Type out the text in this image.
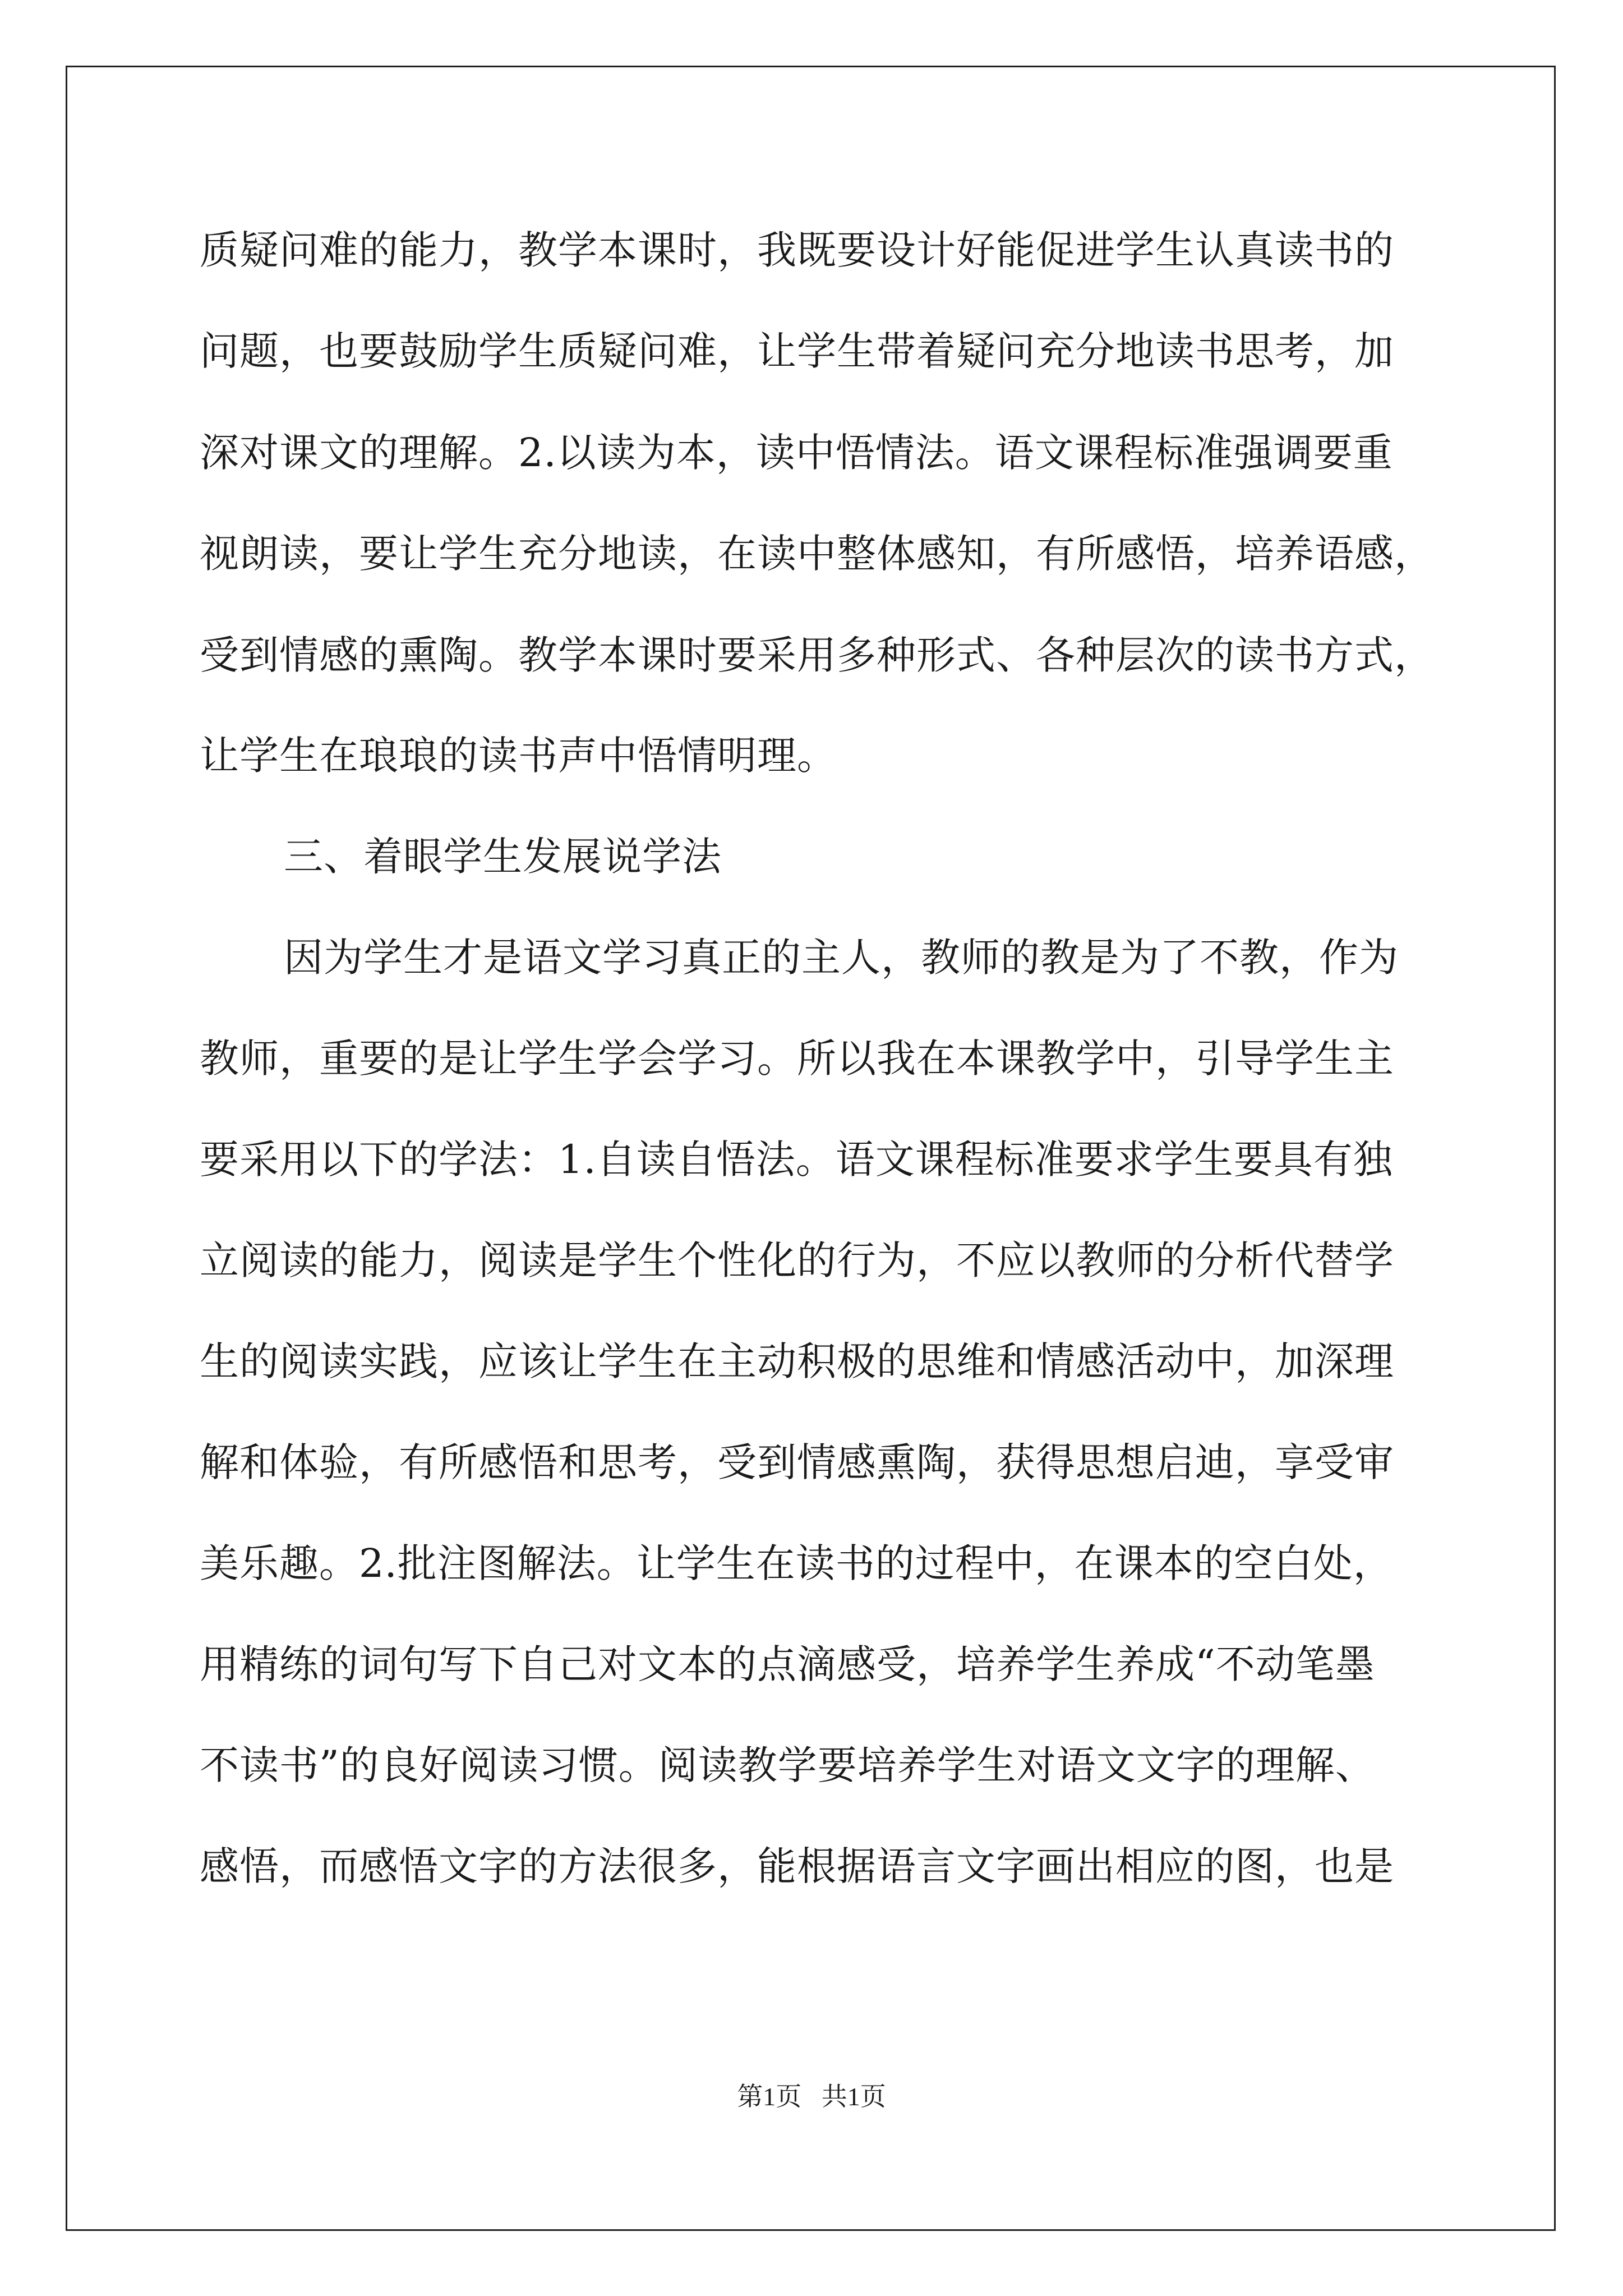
质疑问难的能力，教学本课时，我既要设计好能促进学生认真读书的
问题，也要鼓励学生质疑问难，让学生带着疑问充分地读书思考，加
深对课文的理解。2.以读为本，读中悟情法。语文课程标准强调要重
视朗读，要让学生充分地读，在读中整体感知，有所感悟，培养语感，
受到情感的熏陶。教学本课时要采用多种形式、各种层次的读书方式，
让学生在琅琅的读书声中悟情明理。
三、着眼学生发展说学法
因为学生才是语文学习真正的主人，教师的教是为了不教，作为
教师，重要的是让学生学会学习。所以我在本课教学中，引导学生主
要采用以下的学法：1.自读自悟法。语文课程标准要求学生要具有独
立阅读的能力，阅读是学生个性化的行为，不应以教师的分析代替学
生的阅读实践，应该让学生在主动积极的思维和情感活动中，加深理
解和体验，有所感悟和思考，受到情感熏陶，获得思想启迪，享受审
美乐趣。2.批注图解法。让学生在读书的过程中，在课本的空白处，
用精练的词句写下自己对文本的点滴感受，培养学生养成“不动笔墨
不读书”的良好阅读习惯。阅读教学要培养学生对语文文字的理解、
感悟，而感悟文字的方法很多，能根据语言文字画出相应的图，也是
第1页 共1页
